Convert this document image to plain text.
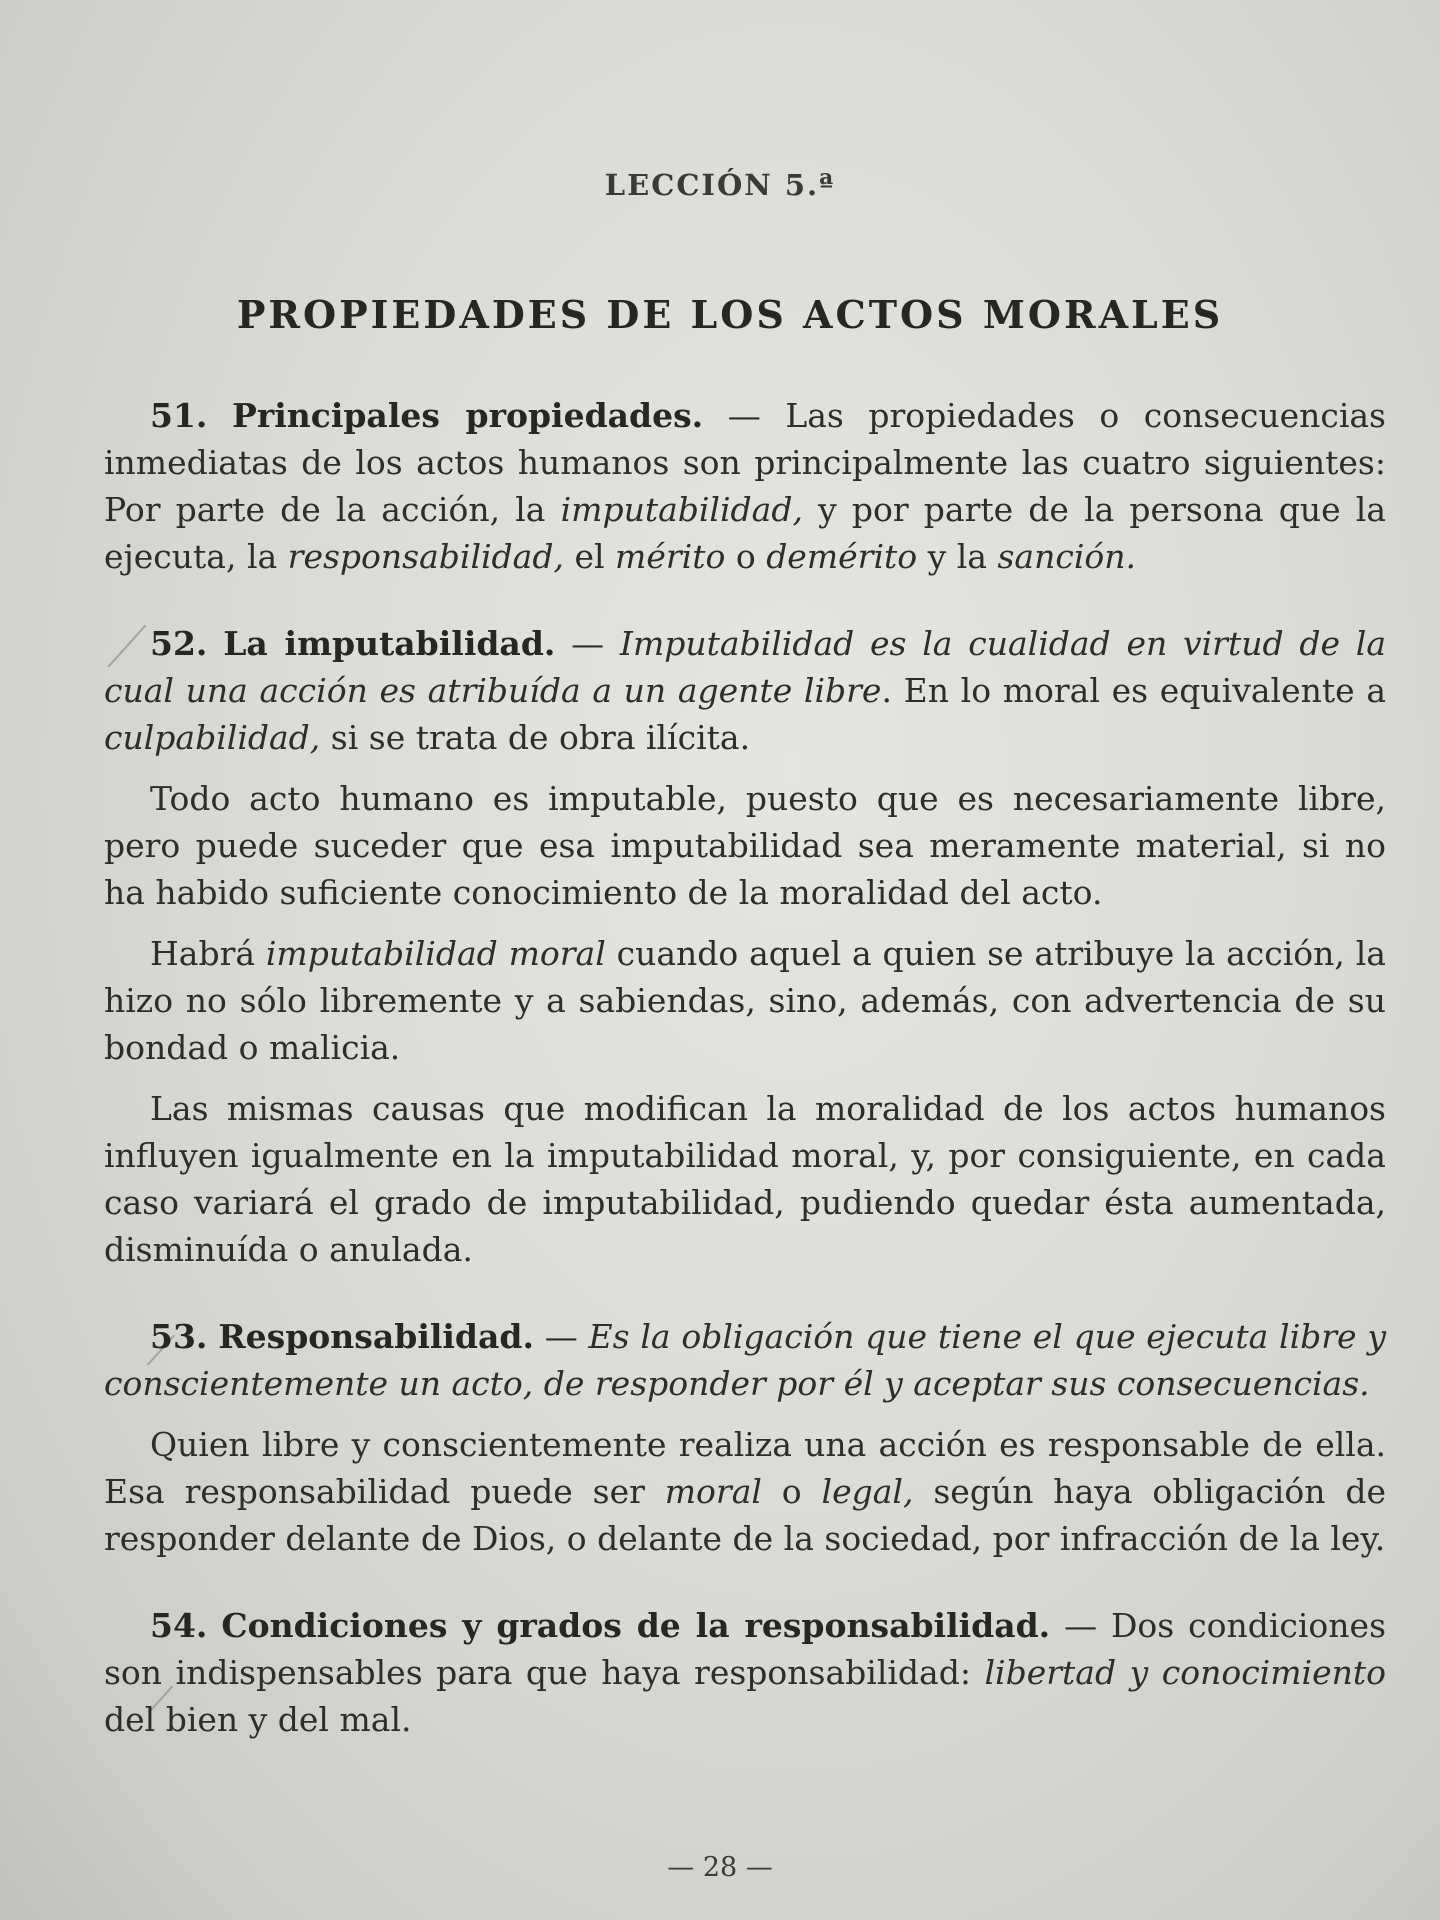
LECCIÓN 5.ª
PROPIEDADES DE LOS ACTOS MORALES

51. Principales propiedades. — Las propiedades o consecuencias inmediatas de los actos humanos son principalmente las cuatro siguientes: Por parte de la acción, la imputabilidad, y por parte de la persona que la ejecuta, la responsabilidad, el mérito o demérito y la sanción.

52. La imputabilidad. — Imputabilidad es la cualidad en virtud de la cual una acción es atribuída a un agente libre. En lo moral es equivalente a culpabilidad, si se trata de obra ilícita.

Todo acto humano es imputable, puesto que es necesariamente libre, pero puede suceder que esa imputabilidad sea meramente material, si no ha habido suficiente conocimiento de la moralidad del acto.

Habrá imputabilidad moral cuando aquel a quien se atribuye la acción, la hizo no sólo libremente y a sabiendas, sino, además, con advertencia de su bondad o malicia.

Las mismas causas que modifican la moralidad de los actos humanos influyen igualmente en la imputabilidad moral, y, por consiguiente, en cada caso variará el grado de imputabilidad, pudiendo quedar ésta aumentada, disminuída o anulada.

53. Responsabilidad. — Es la obligación que tiene el que ejecuta libre y conscientemente un acto, de responder por él y aceptar sus consecuencias.

Quien libre y conscientemente realiza una acción es responsable de ella. Esa responsabilidad puede ser moral o legal, según haya obligación de responder delante de Dios, o delante de la sociedad, por infracción de la ley.

54. Condiciones y grados de la responsabilidad. — Dos condiciones son indispensables para que haya responsabilidad: libertad y conocimiento del bien y del mal.

— 28 —
